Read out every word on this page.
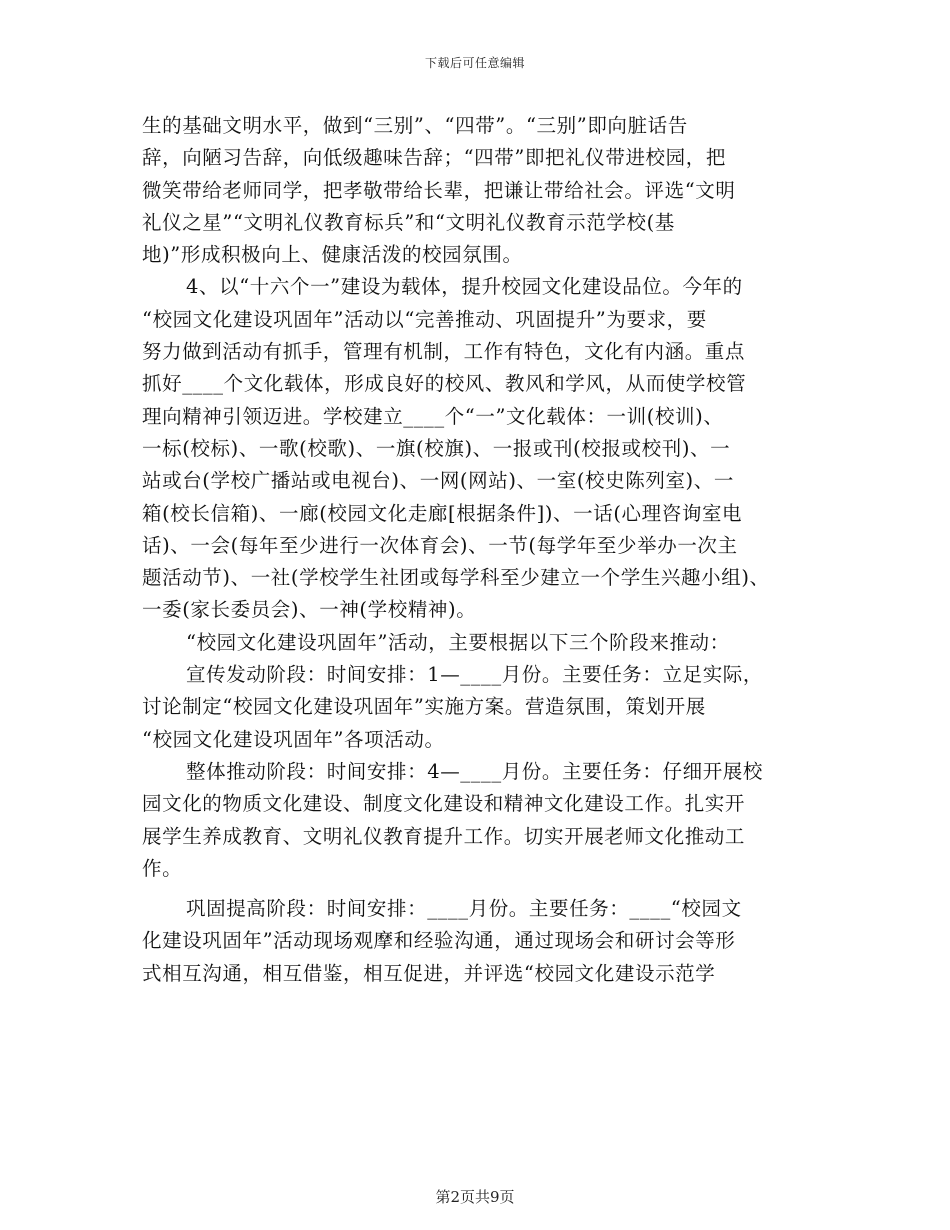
下载后可任意编辑
生的基础文明水平，做到“三别”、“四带”。“三别”即向脏话告
辞，向陋习告辞，向低级趣味告辞；“四带”即把礼仪带进校园，把
微笑带给老师同学，把孝敬带给长辈，把谦让带给社会。评选“文明
礼仪之星”“文明礼仪教育标兵”和“文明礼仪教育示范学校(基
地)”形成积极向上、健康活泼的校园氛围。
4、以“十六个一”建设为载体，提升校园文化建设品位。今年的
“校园文化建设巩固年”活动以“完善推动、巩固提升”为要求，要
努力做到活动有抓手，管理有机制，工作有特色，文化有内涵。重点
抓好____个文化载体，形成良好的校风、教风和学风，从而使学校管
理向精神引领迈进。学校建立____个“一”文化载体：一训(校训)、
一标(校标)、一歌(校歌)、一旗(校旗)、一报或刊(校报或校刊)、一
站或台(学校广播站或电视台)、一网(网站)、一室(校史陈列室)、一
箱(校长信箱)、一廊(校园文化走廊[根据条件])、一话(心理咨询室电
话)、一会(每年至少进行一次体育会)、一节(每学年至少举办一次主
题活动节)、一社(学校学生社团或每学科至少建立一个学生兴趣小组)、
一委(家长委员会)、一神(学校精神)。
“校园文化建设巩固年”活动，主要根据以下三个阶段来推动：
宣传发动阶段：时间安排：1—____月份。主要任务：立足实际，
讨论制定“校园文化建设巩固年”实施方案。营造氛围，策划开展
“校园文化建设巩固年”各项活动。
整体推动阶段：时间安排：4—____月份。主要任务：仔细开展校
园文化的物质文化建设、制度文化建设和精神文化建设工作。扎实开
展学生养成教育、文明礼仪教育提升工作。切实开展老师文化推动工
作。
巩固提高阶段：时间安排：____月份。主要任务：____“校园文
化建设巩固年”活动现场观摩和经验沟通，通过现场会和研讨会等形
式相互沟通，相互借鉴，相互促进，并评选“校园文化建设示范学
第2页共9页
